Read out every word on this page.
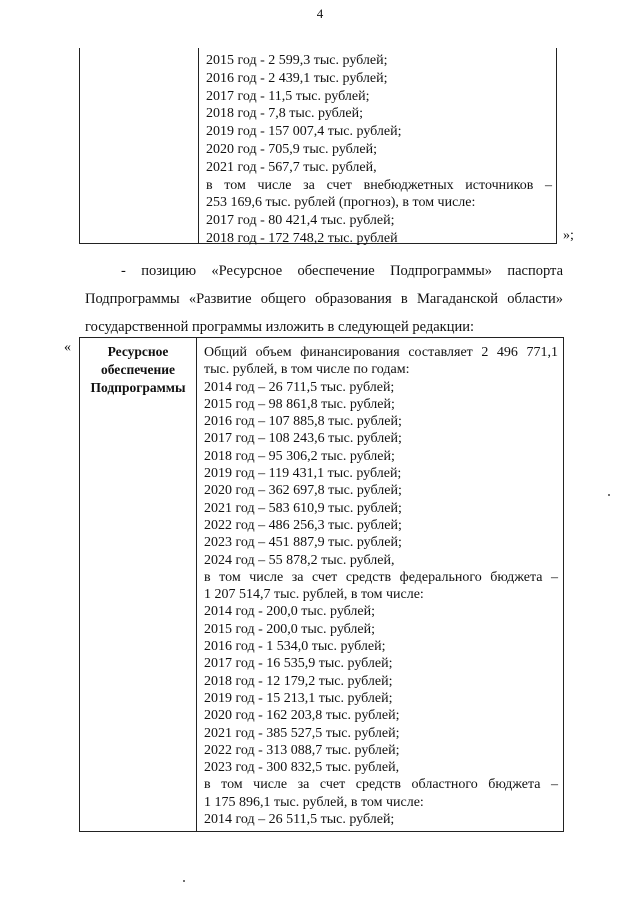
4
2015 год - 2 599,3 тыс. рублей;
2016 год - 2 439,1 тыс. рублей;
2017 год - 11,5 тыс. рублей;
2018 год - 7,8 тыс. рублей;
2019 год - 157 007,4 тыс. рублей;
2020 год - 705,9 тыс. рублей;
2021 год - 567,7 тыс. рублей,
в том числе за счет внебюджетных источников –
253 169,6 тыс. рублей (прогноз), в том числе:
2017 год - 80 421,4 тыс. рублей;
2018 год - 172 748,2 тыс. рублей	»;
- позицию «Ресурсное обеспечение Подпрограммы» паспорта
Подпрограммы «Развитие общего образования в Магаданской области»
государственной программы изложить в следующей редакции:
«	Ресурсное
обеспечение
Подпрограммы
Общий объем финансирования составляет 2 496 771,1
тыс. рублей, в том числе по годам:
2014 год – 26 711,5 тыс. рублей;
2015 год – 98 861,8 тыс. рублей;
2016 год – 107 885,8 тыс. рублей;
2017 год – 108 243,6 тыс. рублей;
2018 год – 95 306,2 тыс. рублей;
2019 год – 119 431,1 тыс. рублей;
2020 год – 362 697,8 тыс. рублей;
2021 год – 583 610,9 тыс. рублей;
2022 год – 486 256,3 тыс. рублей;
2023 год – 451 887,9 тыс. рублей;
2024 год – 55 878,2 тыс. рублей,
в том числе за счет средств федерального бюджета –
1 207 514,7 тыс. рублей, в том числе:
2014 год - 200,0 тыс. рублей;
2015 год - 200,0 тыс. рублей;
2016 год - 1 534,0 тыс. рублей;
2017 год - 16 535,9 тыс. рублей;
2018 год - 12 179,2 тыс. рублей;
2019 год - 15 213,1 тыс. рублей;
2020 год - 162 203,8 тыс. рублей;
2021 год - 385 527,5 тыс. рублей;
2022 год - 313 088,7 тыс. рублей;
2023 год - 300 832,5 тыс. рублей,
в том числе за счет средств областного бюджета –
1 175 896,1 тыс. рублей, в том числе:
2014 год – 26 511,5 тыс. рублей;
